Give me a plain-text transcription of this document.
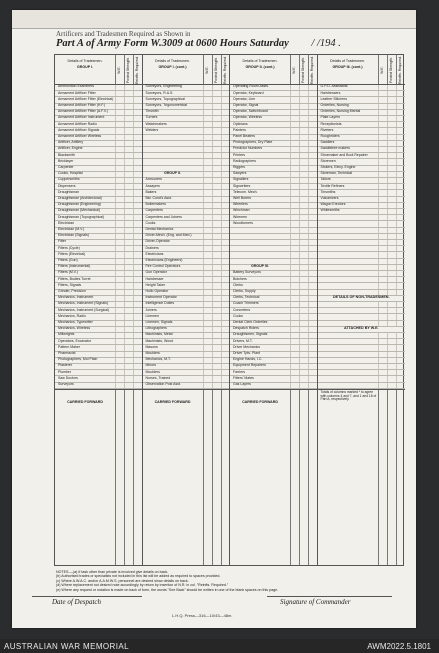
Artificers and Tradesmen Required as Shown in
Part A of Army Form W.3009 at 0600 Hours Saturday / /194 .
Details of Tradesmen.
GROUP I.	W.E. Posted Strength. Reinfts. Required.
Ammunition Examiners
Armament Artificer Fitter
Armament Artificer Fitter (Electrical)
Armament Artificer Fitter (H.F.)
Armament Artificer Fitter (A.F.V.)
Armament Artificer Instrument
Armament Artificer Radio
Armament Artificer Signals
Armament Artificer Wireless
Artificer, Artillery
Artificer, Engine
Blacksmith
Bricklayer
Carpenter
Cooks, Hospital
Coppersmiths
Dispensers
Draughtsman
Draughtsman (Architectural)
Draughtsman (Engineering)
Draughtsman (Mechanical)
Draughtsman (Topographical)
Electrician
Electrician (M.V.)
Electrician (Signals)
Fitter
Fitters (Cycle)
Fitters (Electrical)
Fitters (Gun)
Fitters (Instrumental)
Fitters (M.V.)
Fitters, Bodies Turret
Fitters, Signals
Grinder, Precision
Mechanics, Instrument
Mechanics, Instrument (Signals)
Mechanics, Instrument (Surgical)
Mechanics, Radio
Mechanics, Typewriter
Mechanics, Wireless
Millwrights
Operators, Excavator
Pattern Maker
Pharmacist
Photographers, Mol Plain
Plasterer
Plumber
Saw Doctors
Surveyors
CARRIED FORWARD
Details of Tradesmen.
GROUP I. (cont.)	W.E. Posted Strength. Reinfts. Required.
Surveyors, Engineering
Surveyors, R.A.S.
Surveyors, Topographical
Surveyors, Trigonometrical
Tinsmith
Turners
Watchmakers
Welders
GROUP II.
Armourers
Assayers
Bakers
Bkr. Cond's Asst.
Boilermakers
Carpenters
Carpenters and Joiners
Cooks
Dental Mechanics
Driver-Mech. (Eng. and Med.)
Driver-Operator
Drainers
Electricians
Electricians (Engineers)
Fire Control Operators
Gun Operator
Hairdresser
Height Taker
Hollo Operator
Instrument Operator
Intelligence Duties
Joiners
Linemen
Linemen, Signals
Lithographers
Machinists, Metal
Machinists, Wood
Masons
Moulders
Mechanics, M.T.
Minors
Moulders
Nurses, Trained
Observation Post Asst.
CARRIED FORWARD
Details of Tradesmen.
GROUP II. (cont.)	W.E. Posted Strength. Reinfts. Required.
Operating Room Assts.
Operator, Keyboard
Operator, Line
Operator, Signal
Operator, Switchboard
Operator, Wireless
Opticians
Painters
Panel Beaters
Photographers, Dry Plate
Predictor Numbers
Printers
Radiographers
Riggers
Sawyers
Signallers
Signwriters
Telecom. Mech.
Well Borers
Wheelers
Winchman
Wiremen
Woodturners
GROUP III.
Battery Surveyors
Butchers
Clerks
Clerks, Supply
Clerks, Technical
Coach Trimmers
Concreters
Cooks
Dental Clerk Orderlies
Despatch Riders
Draughtsmen, Signals
Drivers, M.T.
Driver Mechanics
Driver Tpts. Plant
Engine Hands, I.C.
Equipment Repairers
Farriers
Fitters' Mates
Gas Layers
CARRIED FORWARD
Details of Tradesmen.
GROUP III. (cont.)	W.E. Posted Strength. Reinfts. Required.
G.P.O. Assistants
Hairdressers
Leather Stitchers
Orderlies, Nursing
Orderlies, Nursing Mental
Plate Layers
Receptionists
Riveters
Roughriders
Saddlers
Saddletree makers
Shoemaker and Boot Repairer
Storemen
Stokers, Elecy. Engine
Storeman, Technical
Tailors
Textile Refiners
Tinsmiths
Vulcanizers
Wagon Erectors
Whitesmiths
DETAILS OF NON-TRADESMEN.
ATTACHED BY W.E.
Totals of columns marked * to agree with columns 4 and 7, and 1 and 18 of Part A, respectively.
NOTES.—(a) If task other than private is involved give details on back.
(b) Authorised trades or specialists not included in this list will be added as required to spaces provided.
(c) Where A.W.A.C. and/or A.A.M.W.S. personnel are desired show details on back.
(d) Where replacement not desired note accordingly by return by insertion of N.R. in col. "Reinfts. Required."
(e) Where any request or notation is made on back of form, the words "See Back" should be written in one of the blank spaces on this page.
Date of Despatch	Signature of Commander
L.H.Q. Press—316—10/43—48m.
AUSTRALIAN WAR MEMORIAL	AWM2022.5.1801
